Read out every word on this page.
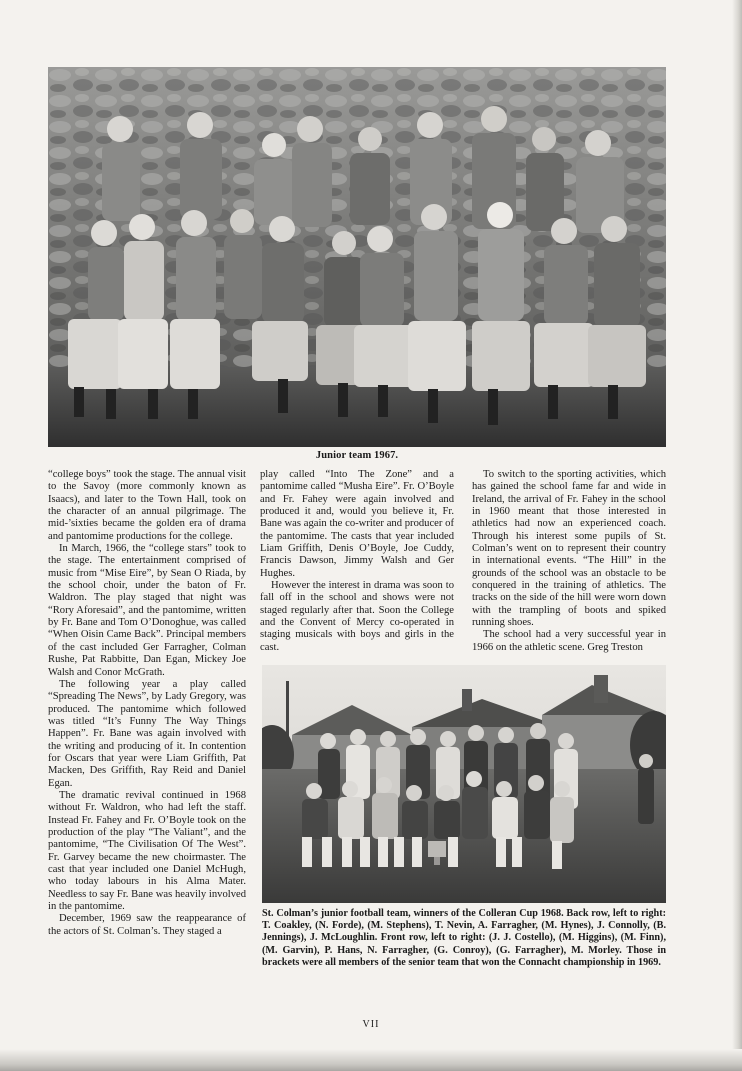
Junior team 1967.

“college boys” took the stage. The annual visit to the Savoy (more commonly known as Isaacs), and later to the Town Hall, took on the character of an annual pilgrimage. The mid-’sixties became the golden era of drama and pantomime productions for the college.

In March, 1966, the “college stars” took to the stage. The entertainment comprised of music from “Mise Eire”, by Sean O Riada, by the school choir, under the baton of Fr. Waldron. The play staged that night was “Rory Aforesaid”, and the pantomime, written by Fr. Bane and Tom O’Donoghue, was called “When Oisin Came Back”. Principal members of the cast included Ger Farragher, Colman Rushe, Pat Rabbitte, Dan Egan, Mickey Joe Walsh and Conor McGrath.

The following year a play called “Spreading The News”, by Lady Gregory, was produced. The pantomime which followed was titled “It’s Funny The Way Things Happen”. Fr. Bane was again involved with the writing and producing of it. In contention for Oscars that year were Liam Griffith, Pat Macken, Des Griffith, Ray Reid and Daniel Egan.

The dramatic revival continued in 1968 without Fr. Waldron, who had left the staff. Instead Fr. Fahey and Fr. O’Boyle took on the production of the play “The Valiant”, and the pantomime, “The Civilisation Of The West”. Fr. Garvey became the new choirmaster. The cast that year included one Daniel McHugh, who today labours in his Alma Mater. Needless to say Fr. Bane was heavily involved in the pantomime.

December, 1969 saw the reappearance of the actors of St. Colman’s. They staged a

play called “Into The Zone” and a pantomime called “Musha Eire”. Fr. O’Boyle and Fr. Fahey were again involved and produced it and, would you believe it, Fr. Bane was again the co-writer and producer of the pantomime. The casts that year included Liam Griffith, Denis O’Boyle, Joe Cuddy, Francis Dawson, Jimmy Walsh and Ger Hughes.

However the interest in drama was soon to fall off in the school and shows were not staged regularly after that. Soon the College and the Convent of Mercy co-operated in staging musicals with boys and girls in the cast.

To switch to the sporting activities, which has gained the school fame far and wide in Ireland, the arrival of Fr. Fahey in the school in 1960 meant that those interested in athletics had now an experienced coach. Through his interest some pupils of St. Colman’s went on to represent their country in international events. “The Hill” in the grounds of the school was an obstacle to be conquered in the training of athletics. The tracks on the side of the hill were worn down with the trampling of boots and spiked running shoes.

The school had a very successful year in 1966 on the athletic scene. Greg Treston

St. Colman’s junior football team, winners of the Colleran Cup 1968. Back row, left to right: T. Coakley, (N. Forde), (M. Stephens), T. Nevin, A. Farragher, (M. Hynes), J. Connolly, (B. Jennings), J. McLoughlin. Front row, left to right: (J. J. Costello), (M. Higgins), (M. Finn), (M. Garvin), P. Hans, N. Farragher, (G. Conroy), (G. Farragher), M. Morley. Those in brackets were all members of the senior team that won the Connacht championship in 1969.
VII
